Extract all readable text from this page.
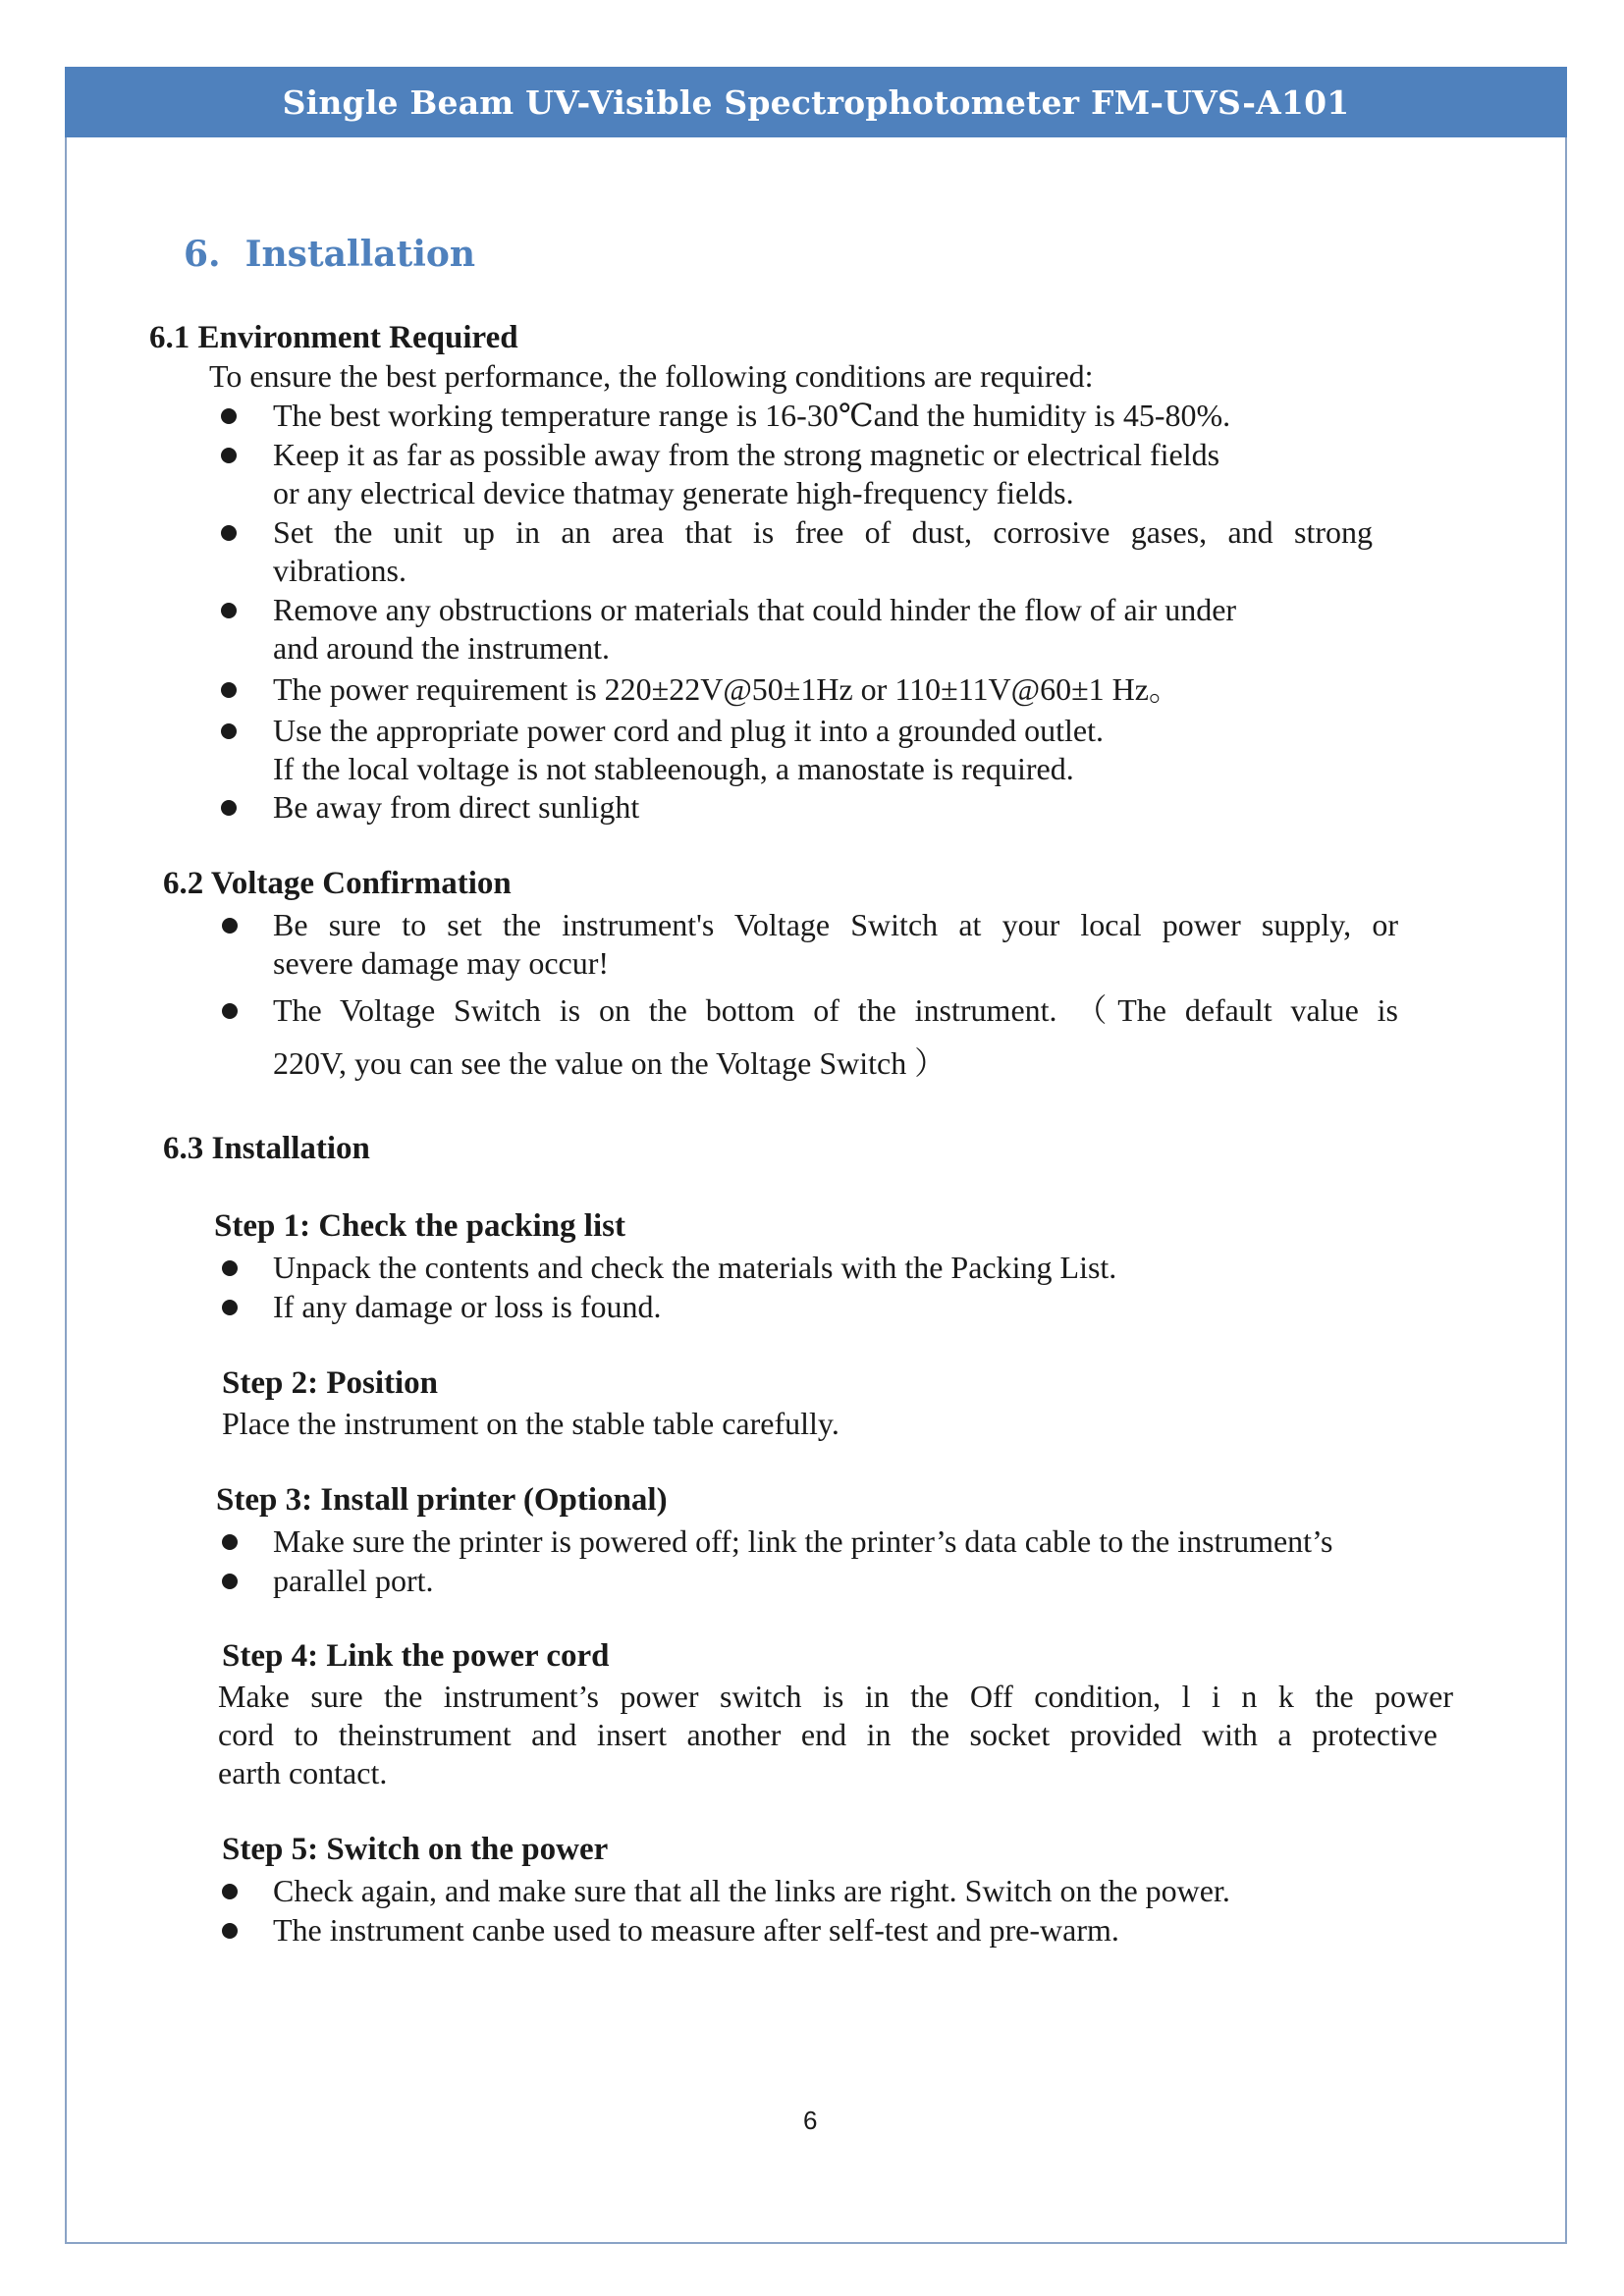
Single Beam UV-Visible Spectrophotometer FM-UVS-A101
6. Installation
6.1 Environment Required
To ensure the best performance, the following conditions are required:
The best working temperature range is 16-30℃and the humidity is 45-80%.
Keep it as far as possible away from the strong magnetic or electrical fields
or any electrical device thatmay generate high-frequency fields.
Set the unit up in an area that is free of dust, corrosive gases, and strong
vibrations.
Remove any obstructions or materials that could hinder the flow of air under
and around the instrument.
The power requirement is 220±22V@50±1Hz or 110±11V@60±1 Hz。
Use the appropriate power cord and plug it into a grounded outlet.
If the local voltage is not stableenough, a manostate is required.
Be away from direct sunlight
6.2 Voltage Confirmation
Be sure to set the instrument's Voltage Switch at your local power supply, or
severe damage may occur!
The Voltage Switch is on the bottom of the instrument. （The default value is
220V, you can see the value on the Voltage Switch ）
6.3 Installation
Step 1: Check the packing list
Unpack the contents and check the materials with the Packing List.
If any damage or loss is found.
Step 2: Position
Place the instrument on the stable table carefully.
Step 3: Install printer (Optional)
Make sure the printer is powered off; link the printer’s data cable to the instrument’s
parallel port.
Step 4: Link the power cord
Make sure the instrument’s power switch is in the Off condition, l i n k the power
cord to theinstrument and insert another end in the socket provided with a protective
earth contact.
Step 5: Switch on the power
Check again, and make sure that all the links are right. Switch on the power.
The instrument canbe used to measure after self-test and pre-warm.
6
